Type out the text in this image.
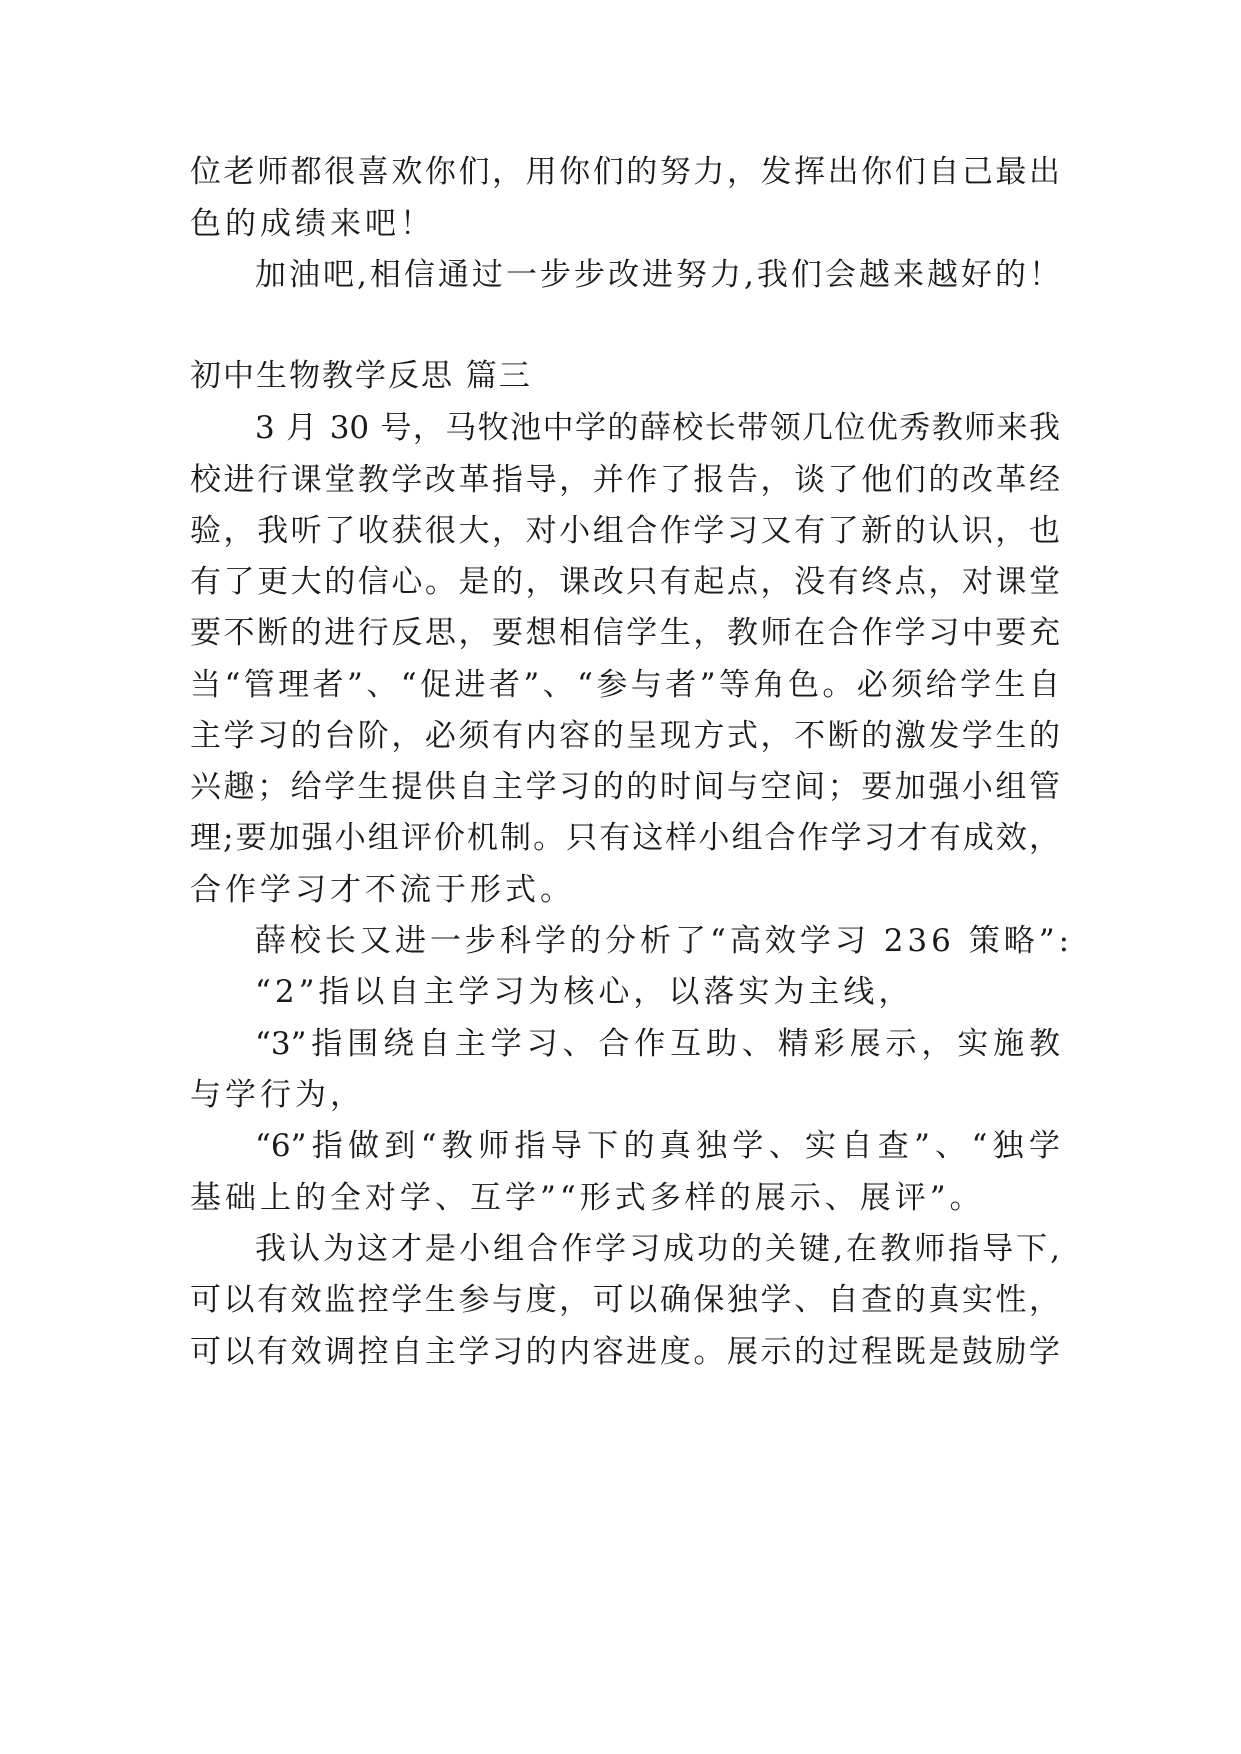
位老师都很喜欢你们，用你们的努力，发挥出你们自己最出
色的成绩来吧！
加油吧,相信通过一步步改进努力,我们会越来越好的！
初中生物教学反思 篇三
3 月 30 号，马牧池中学的薛校长带领几位优秀教师来我
校进行课堂教学改革指导，并作了报告，谈了他们的改革经
验，我听了收获很大，对小组合作学习又有了新的认识，也
有了更大的信心。是的，课改只有起点，没有终点，对课堂
要不断的进行反思，要想相信学生，教师在合作学习中要充
当“管理者”、“促进者”、“参与者”等角色。必须给学生自
主学习的台阶，必须有内容的呈现方式，不断的激发学生的
兴趣；给学生提供自主学习的的时间与空间；要加强小组管
理;要加强小组评价机制。只有这样小组合作学习才有成效，
合作学习才不流于形式。
薛校长又进一步科学的分析了“高效学习 236 策略”:
“2”指以自主学习为核心，以落实为主线，
“3”指围绕自主学习、合作互助、精彩展示，实施教
与学行为，
“6”指做到“教师指导下的真独学、实自查”、“独学
基础上的全对学、互学”“形式多样的展示、展评”。
我认为这才是小组合作学习成功的关键,在教师指导下,
可以有效监控学生参与度，可以确保独学、自查的真实性，
可以有效调控自主学习的内容进度。展示的过程既是鼓励学
